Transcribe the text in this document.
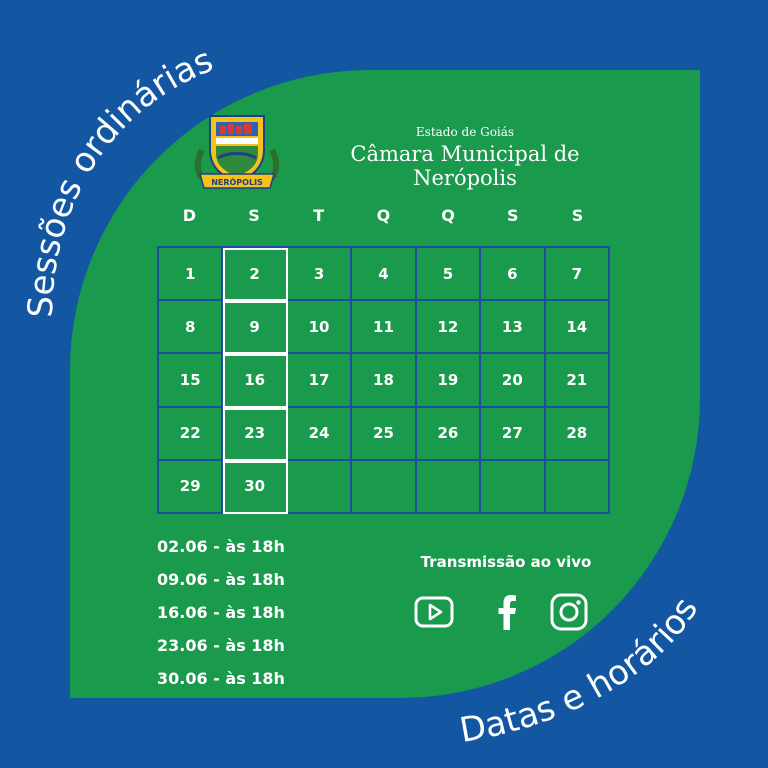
Sessões ordinárias
Datas e horários
NERÓPOLIS
Estado de Goiás
Câmara Municipal de Nerópolis
D	S	T	Q	Q	S	S
1	2	3	4	5	6	7
8	9	10	11	12	13	14
15	16	17	18	19	20	21
22	23	24	25	26	27	28
29	30
02.06 - às 18h
09.06 - às 18h
16.06 - às 18h
23.06 - às 18h
30.06 - às 18h
Transmissão ao vivo
